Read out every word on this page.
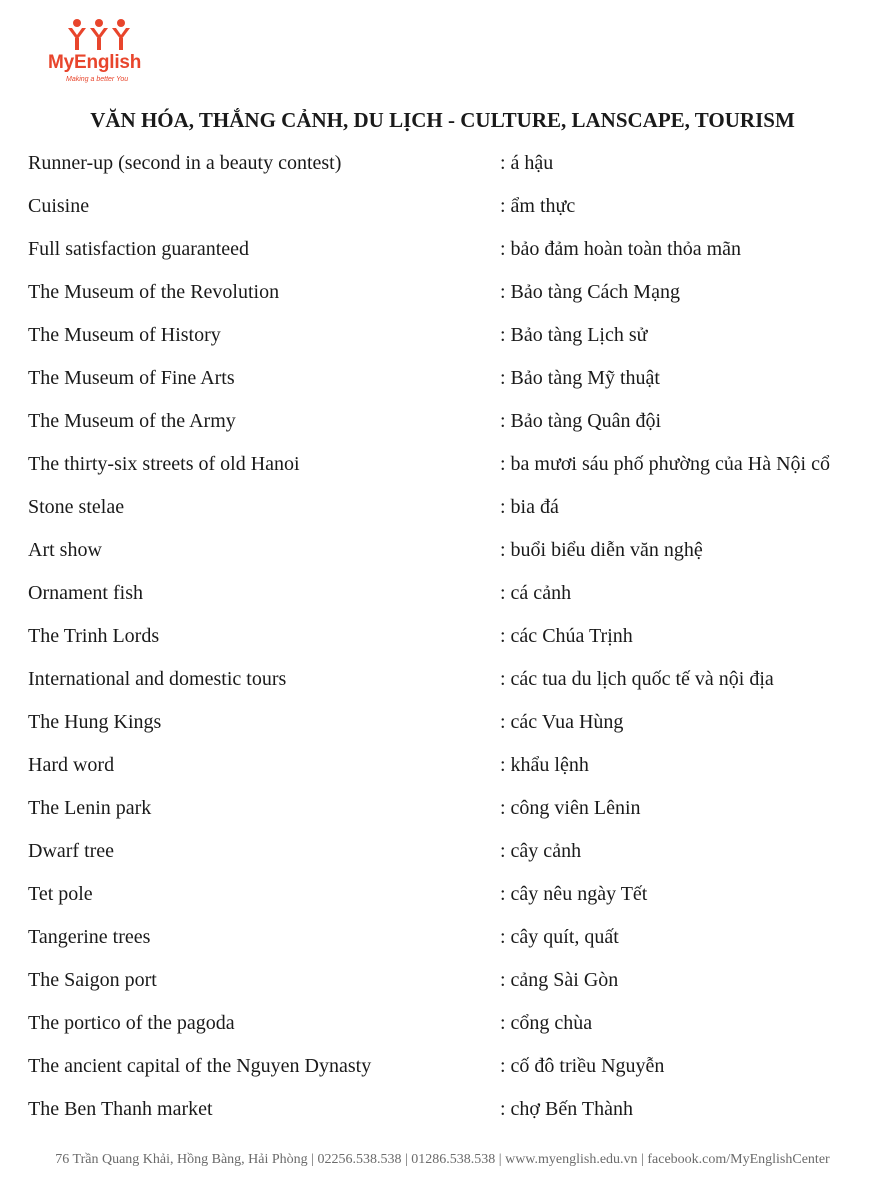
MyEnglish
Making a better You
VĂN HÓA, THẮNG CẢNH, DU LỊCH - CULTURE, LANSCAPE, TOURISM
Runner-up (second in a beauty contest)	: á hậu
Cuisine	: ẩm thực
Full satisfaction guaranteed	: bảo đảm hoàn toàn thỏa mãn
The Museum of the Revolution	: Bảo tàng Cách Mạng
The Museum of History	: Bảo tàng Lịch sử
The Museum of Fine Arts	: Bảo tàng Mỹ thuật
The Museum of the Army	: Bảo tàng Quân đội
The thirty-six streets of old Hanoi	: ba mươi sáu phố phường của Hà Nội cổ
Stone stelae	: bia đá
Art show	: buổi biểu diễn văn nghệ
Ornament fish	: cá cảnh
The Trinh Lords	: các Chúa Trịnh
International and domestic tours	: các tua du lịch quốc tế và nội địa
The Hung Kings	: các Vua Hùng
Hard word	: khẩu lệnh
The Lenin park	: công viên Lênin
Dwarf tree	: cây cảnh
Tet pole	: cây nêu ngày Tết
Tangerine trees	: cây quít, quất
The Saigon port	: cảng Sài Gòn
The portico of the pagoda	: cổng chùa
The ancient capital of the Nguyen Dynasty	: cố đô triều Nguyễn
The Ben Thanh market	: chợ Bến Thành
76 Trần Quang Khải, Hồng Bàng, Hải Phòng | 02256.538.538 | 01286.538.538 | www.myenglish.edu.vn | facebook.com/MyEnglishCenter
